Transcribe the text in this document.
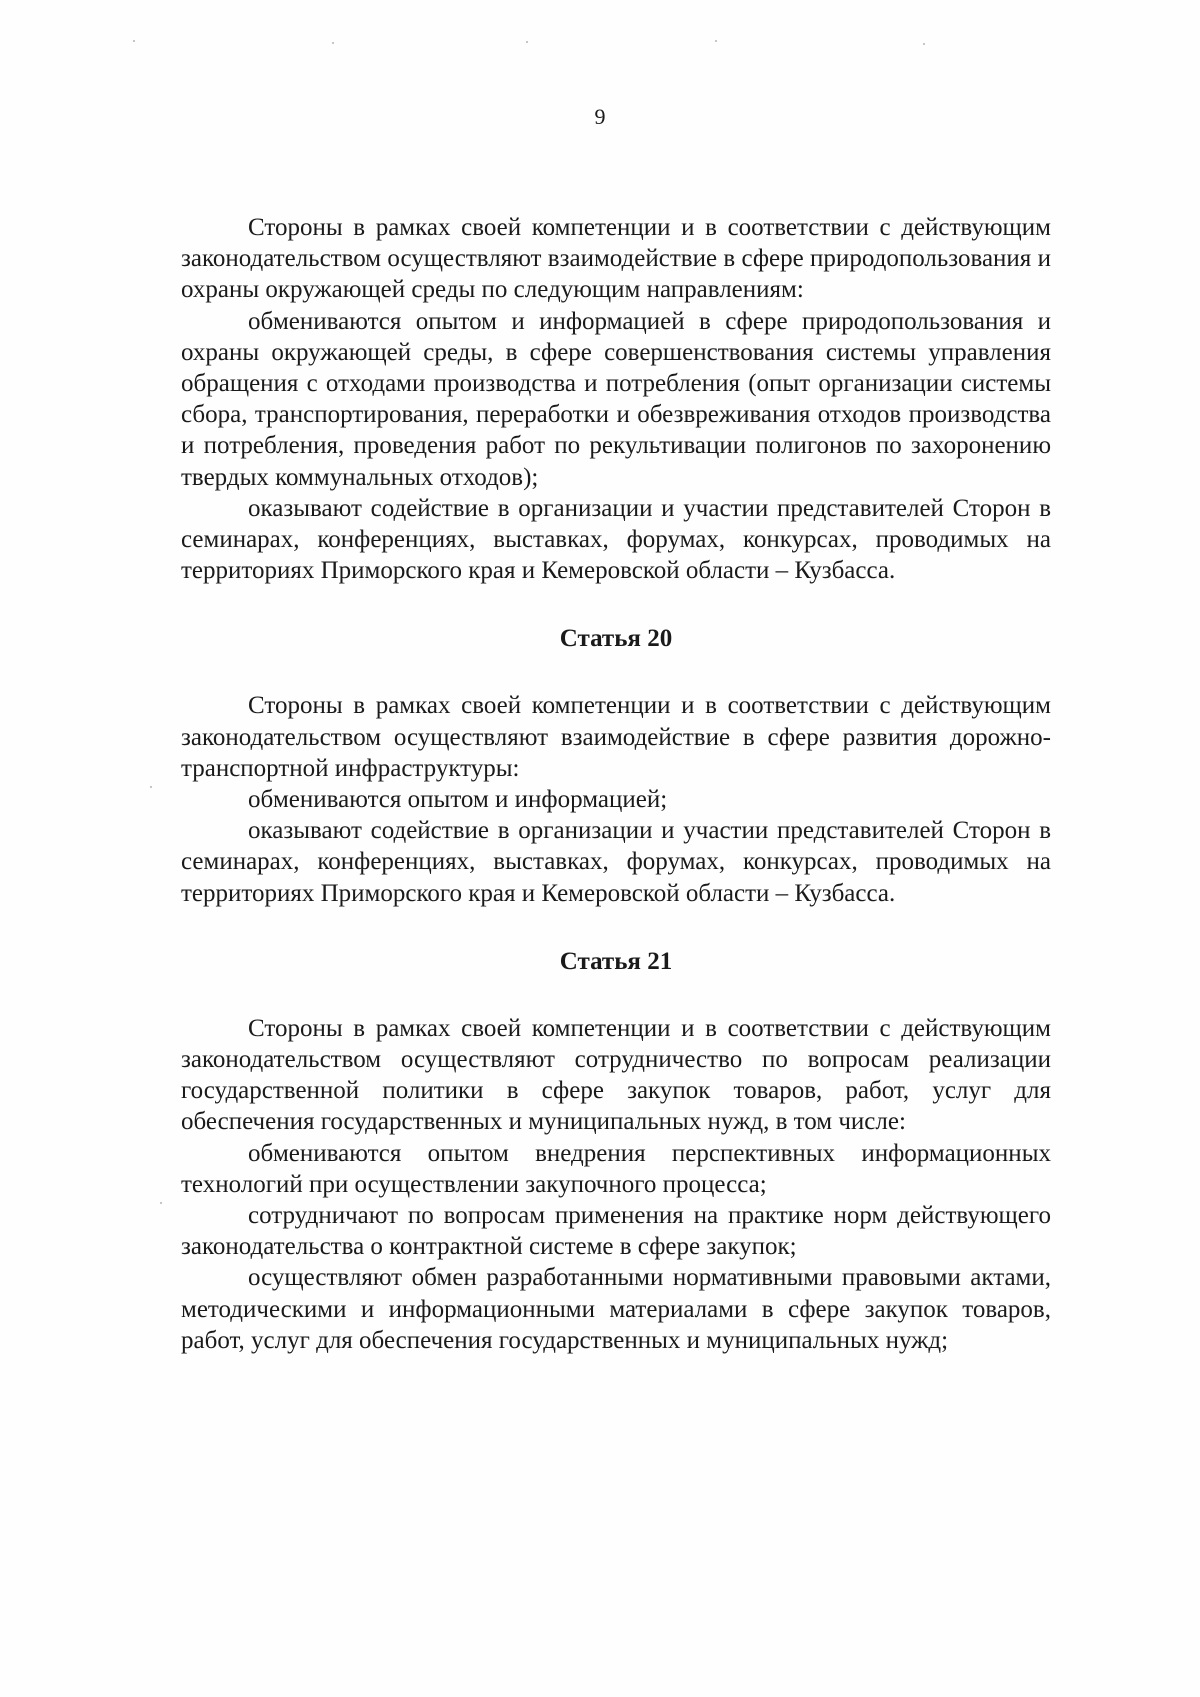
9

Стороны в рамках своей компетенции и в соответствии с действующим законодательством осуществляют взаимодействие в сфере природопользования и охраны окружающей среды по следующим направлениям:

обмениваются опытом и информацией в сфере природопользования и охраны окружающей среды, в сфере совершенствования системы управления обращения с отходами производства и потребления (опыт организации системы сбора, транспортирования, переработки и обезвреживания отходов производства и потребления, проведения работ по рекультивации полигонов по захоронению твердых коммунальных отходов);

оказывают содействие в организации и участии представителей Сторон в семинарах, конференциях, выставках, форумах, конкурсах, проводимых на территориях Приморского края и Кемеровской области – Кузбасса.

Статья 20

Стороны в рамках своей компетенции и в соответствии с действующим законодательством осуществляют взаимодействие в сфере развития дорожно-транспортной инфраструктуры:

обмениваются опытом и информацией;

оказывают содействие в организации и участии представителей Сторон в семинарах, конференциях, выставках, форумах, конкурсах, проводимых на территориях Приморского края и Кемеровской области – Кузбасса.

Статья 21

Стороны в рамках своей компетенции и в соответствии с действующим законодательством осуществляют сотрудничество по вопросам реализации государственной политики в сфере закупок товаров, работ, услуг для обеспечения государственных и муниципальных нужд, в том числе:

обмениваются опытом внедрения перспективных информационных технологий при осуществлении закупочного процесса;

сотрудничают по вопросам применения на практике норм действующего законодательства о контрактной системе в сфере закупок;

осуществляют обмен разработанными нормативными правовыми актами, методическими и информационными материалами в сфере закупок товаров, работ, услуг для обеспечения государственных и муниципальных нужд;
